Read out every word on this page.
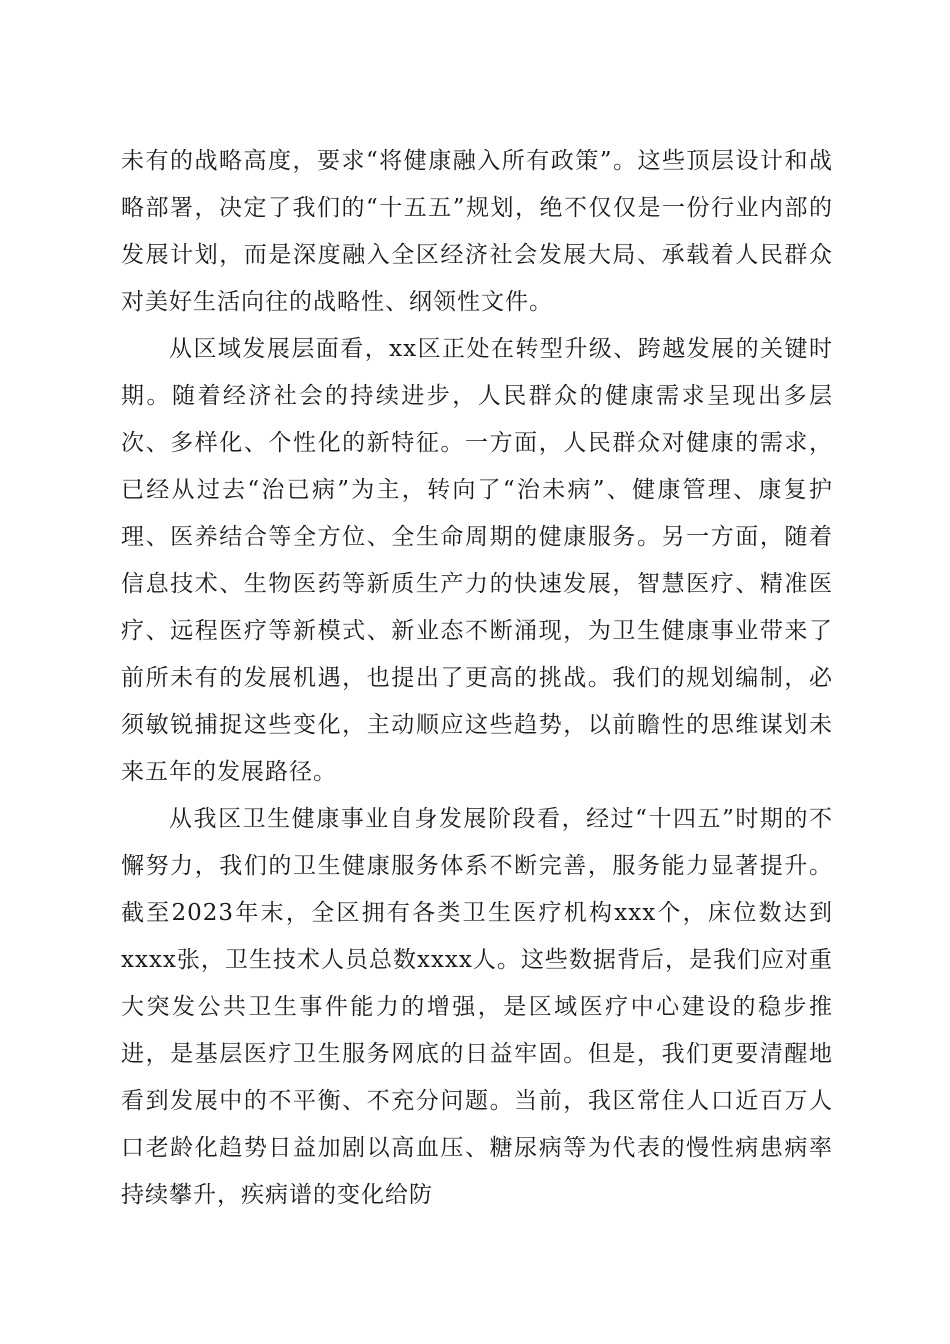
未有的战略高度，要求“将健康融入所有政策”。这些顶层设计和战略部署，决定了我们的“十五五”规划，绝不仅仅是一份行业内部的发展计划，而是深度融入全区经济社会发展大局、承载着人民群众对美好生活向往的战略性、纲领性文件。

从区域发展层面看，xx区正处在转型升级、跨越发展的关键时期。随着经济社会的持续进步，人民群众的健康需求呈现出多层次、多样化、个性化的新特征。一方面，人民群众对健康的需求，已经从过去“治已病”为主，转向了“治未病”、健康管理、康复护理、医养结合等全方位、全生命周期的健康服务。另一方面，随着信息技术、生物医药等新质生产力的快速发展，智慧医疗、精准医疗、远程医疗等新模式、新业态不断涌现，为卫生健康事业带来了前所未有的发展机遇，也提出了更高的挑战。我们的规划编制，必须敏锐捕捉这些变化，主动顺应这些趋势，以前瞻性的思维谋划未来五年的发展路径。

从我区卫生健康事业自身发展阶段看，经过“十四五”时期的不懈努力，我们的卫生健康服务体系不断完善，服务能力显著提升。截至2023年末，全区拥有各类卫生医疗机构xxx个，床位数达到xxxx张，卫生技术人员总数xxxx人。这些数据背后，是我们应对重大突发公共卫生事件能力的增强，是区域医疗中心建设的稳步推进，是基层医疗卫生服务网底的日益牢固。但是，我们更要清醒地看到发展中的不平衡、不充分问题。当前，我区常住人口近百万人口老龄化趋势日益加剧以高血压、糖尿病等为代表的慢性病患病率持续攀升，疾病谱的变化给防
